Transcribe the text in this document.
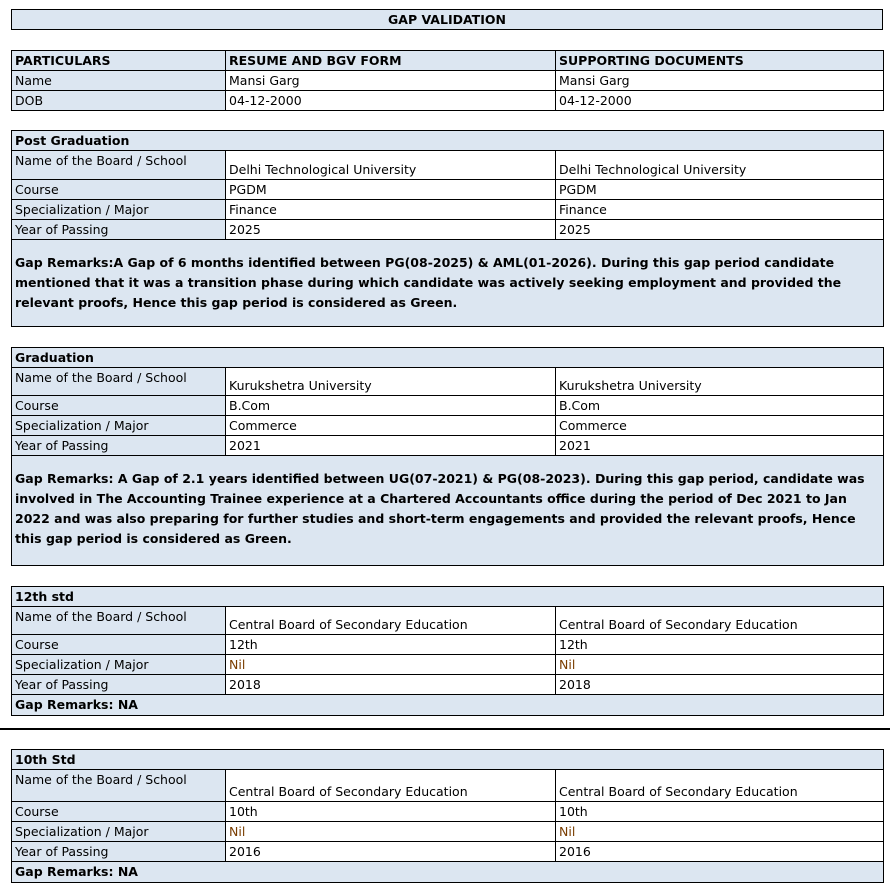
GAP VALIDATION
PARTICULARS	RESUME AND BGV FORM	SUPPORTING DOCUMENTS
Name	Mansi Garg	Mansi Garg
DOB	04-12-2000	04-12-2000
Post Graduation		
Name of the Board / School	Delhi Technological University	Delhi Technological University
Course	PGDM	PGDM
Specialization / Major	Finance	Finance
Year of Passing	2025	2025
Gap Remarks:A Gap of 6 months identified between PG(08-2025) & AML(01-2026). During this gap period candidate mentioned that it was a transition phase during which candidate was actively seeking employment and provided the relevant proofs, Hence this gap period is considered as Green.		
Graduation		
Name of the Board / School	Kurukshetra University	Kurukshetra University
Course	B.Com	B.Com
Specialization / Major	Commerce	Commerce
Year of Passing	2021	2021
Gap Remarks: A Gap of 2.1 years identified between UG(07-2021) & PG(08-2023). During this gap period, candidate was involved in The Accounting Trainee experience at a Chartered Accountants office during the period of Dec 2021 to Jan 2022 and was also preparing for further studies and short-term engagements and provided the relevant proofs, Hence this gap period is considered as Green.		
12th std		
Name of the Board / School	Central Board of Secondary Education	Central Board of Secondary Education
Course	12th	12th
Specialization / Major	Nil	Nil
Year of Passing	2018	2018
Gap Remarks: NA		
10th Std		
Name of the Board / School	Central Board of Secondary Education	Central Board of Secondary Education
Course	10th	10th
Specialization / Major	Nil	Nil
Year of Passing	2016	2016
Gap Remarks: NA		
